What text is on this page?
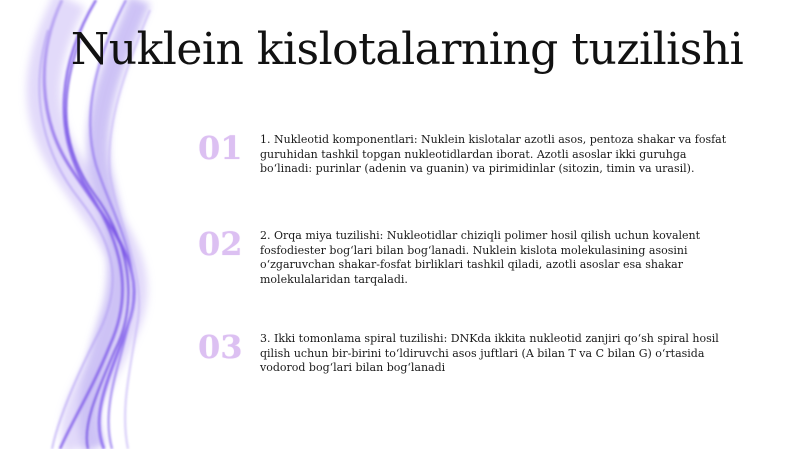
Nuklein kislotalarning tuzilishi
01	1. Nukleotid komponentlari: Nuklein kislotalar azotli asos, pentoza shakar va fosfat guruhidan tashkil topgan nukleotidlardan iborat. Azotli asoslar ikki guruhga bo‘linadi: purinlar (adenin va guanin) va pirimidinlar (sitozin, timin va urasil).
02	2. Orqa miya tuzilishi: Nukleotidlar chiziqli polimer hosil qilish uchun kovalent fosfodiester bog‘lari bilan bog‘lanadi. Nuklein kislota molekulasining asosini o‘zgaruvchan shakar-fosfat birliklari tashkil qiladi, azotli asoslar esa shakar molekulalaridan tarqaladi.
03	3. Ikki tomonlama spiral tuzilishi: DNKda ikkita nukleotid zanjiri qo‘sh spiral hosil qilish uchun bir-birini to‘ldiruvchi asos juftlari (A bilan T va C bilan G) o‘rtasida vodorod bog‘lari bilan bog‘lanadi
